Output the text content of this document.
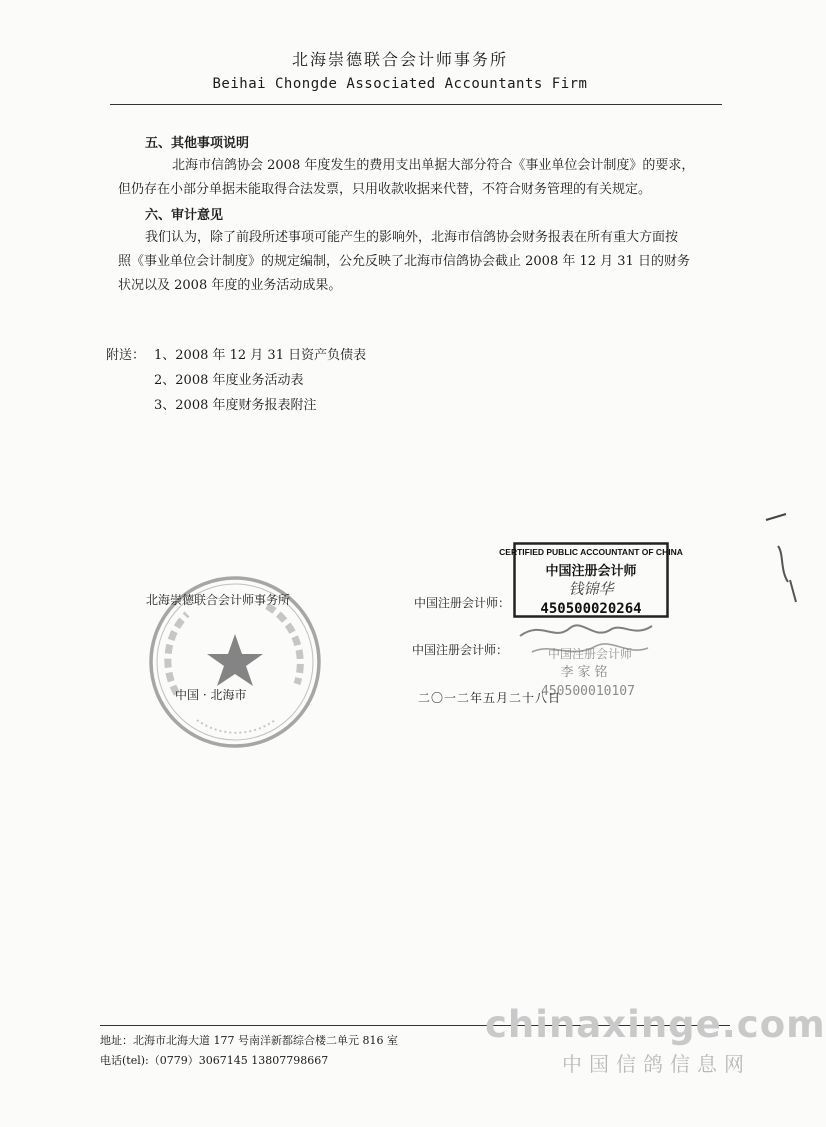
北海崇德联合会计师事务所
Beihai Chongde Associated Accountants Firm
五、其他事项说明
北海市信鸽协会 2008 年度发生的费用支出单据大部分符合《事业单位会计制度》的要求，
但仍存在小部分单据未能取得合法发票，只用收款收据来代替，不符合财务管理的有关规定。
六、审计意见
我们认为，除了前段所述事项可能产生的影响外，北海市信鸽协会财务报表在所有重大方面按
照《事业单位会计制度》的规定编制，公允反映了北海市信鸽协会截止 2008 年 12 月 31 日的财务
状况以及 2008 年度的业务活动成果。
附送： 1、2008 年 12 月 31 日资产负债表
2、2008 年度业务活动表
3、2008 年度财务报表附注
北海崇德联合会计师事务所
中国 · 北海市
中国注册会计师：
中国注册会计师：
CERTIFIED PUBLIC ACCOUNTANT OF CHINA
中国注册会计师
钱锦华
450500020264
中国注册会计师
李家铭
450500010107
二〇一二年五月二十八日
地址：北海市北海大道 177 号南洋新都综合楼二单元 816 室
电话(tel):（0779）3067145 13807798667
chinaxinge.com
中国信鸽信息网
